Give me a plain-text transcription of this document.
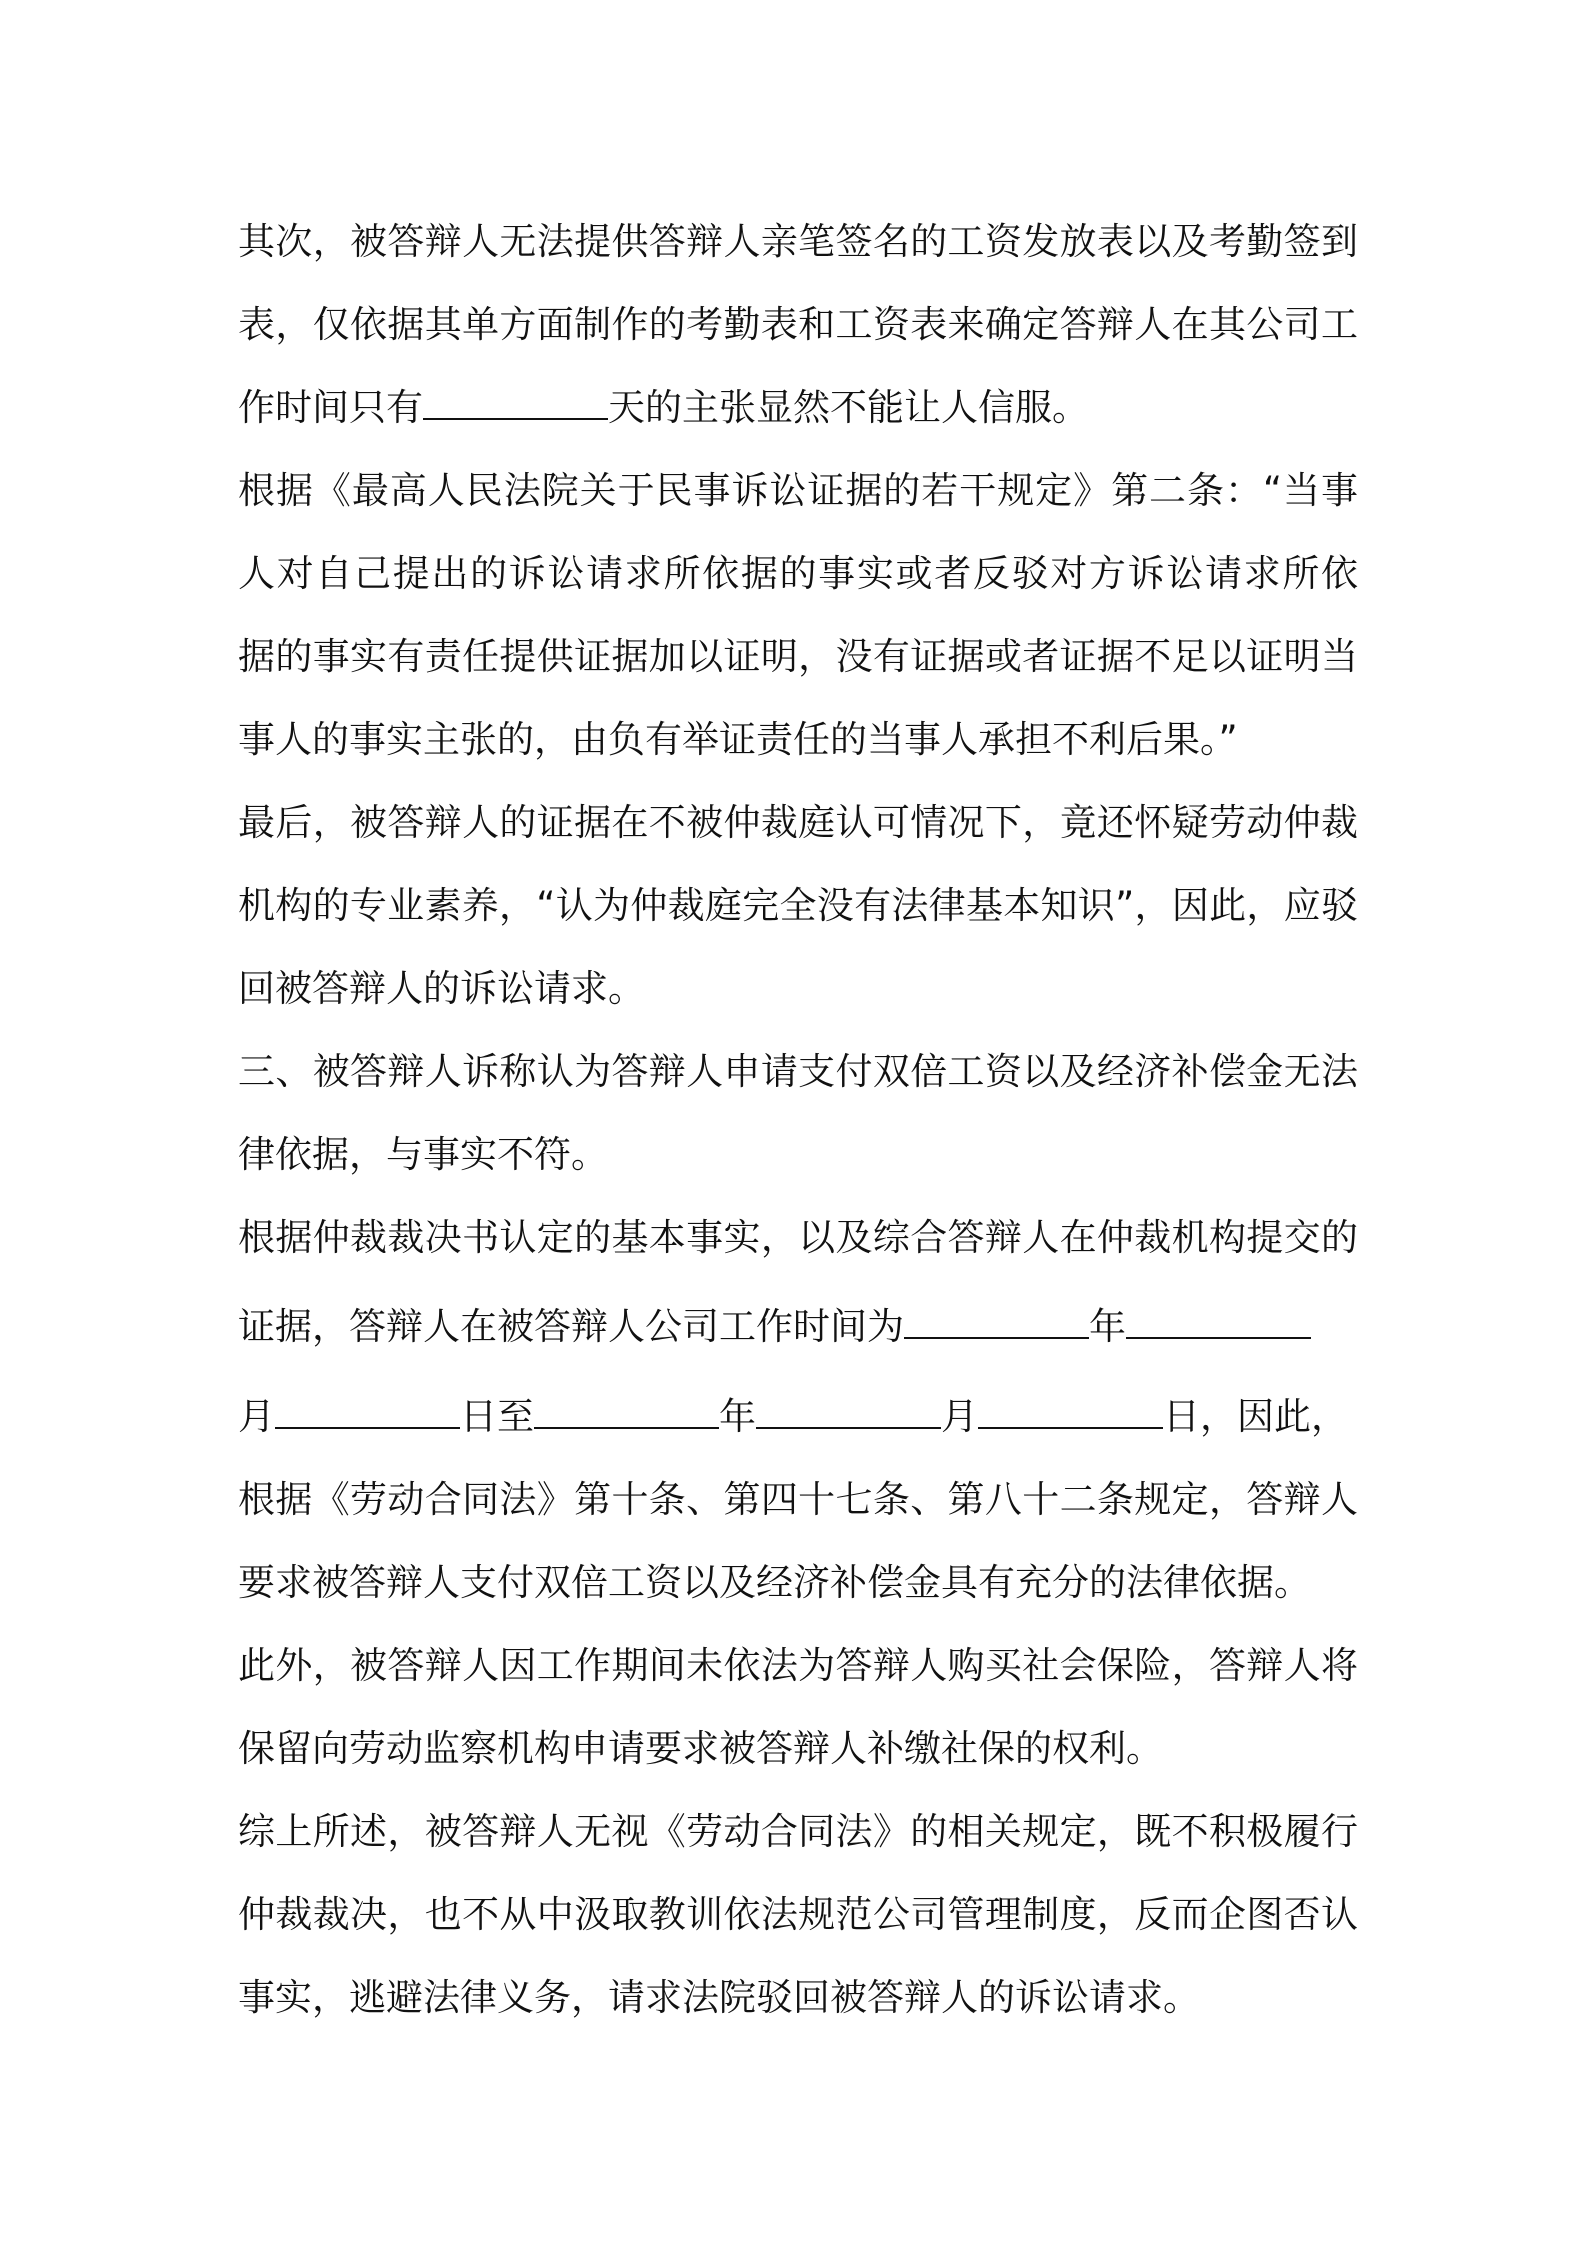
其次，被答辩人无法提供答辩人亲笔签名的工资发放表以及考勤签到
表，仅依据其单方面制作的考勤表和工资表来确定答辩人在其公司工
作时间只有	天的主张显然不能让人信服。
根据《最高人民法院关于民事诉讼证据的若干规定》第二条：“当事
人对自己提出的诉讼请求所依据的事实或者反驳对方诉讼请求所依
据的事实有责任提供证据加以证明，没有证据或者证据不足以证明当
事人的事实主张的，由负有举证责任的当事人承担不利后果。”
最后，被答辩人的证据在不被仲裁庭认可情况下，竟还怀疑劳动仲裁
机构的专业素养，“认为仲裁庭完全没有法律基本知识”，因此，应驳
回被答辩人的诉讼请求。
三、被答辩人诉称认为答辩人申请支付双倍工资以及经济补偿金无法
律依据，与事实不符。
根据仲裁裁决书认定的基本事实，以及综合答辩人在仲裁机构提交的
证据，答辩人在被答辩人公司工作时间为	年
月	日至	年	月	日，因此，
根据《劳动合同法》第十条、第四十七条、第八十二条规定，答辩人
要求被答辩人支付双倍工资以及经济补偿金具有充分的法律依据。
此外，被答辩人因工作期间未依法为答辩人购买社会保险，答辩人将
保留向劳动监察机构申请要求被答辩人补缴社保的权利。
综上所述，被答辩人无视《劳动合同法》的相关规定，既不积极履行
仲裁裁决，也不从中汲取教训依法规范公司管理制度，反而企图否认
事实，逃避法律义务，请求法院驳回被答辩人的诉讼请求。
